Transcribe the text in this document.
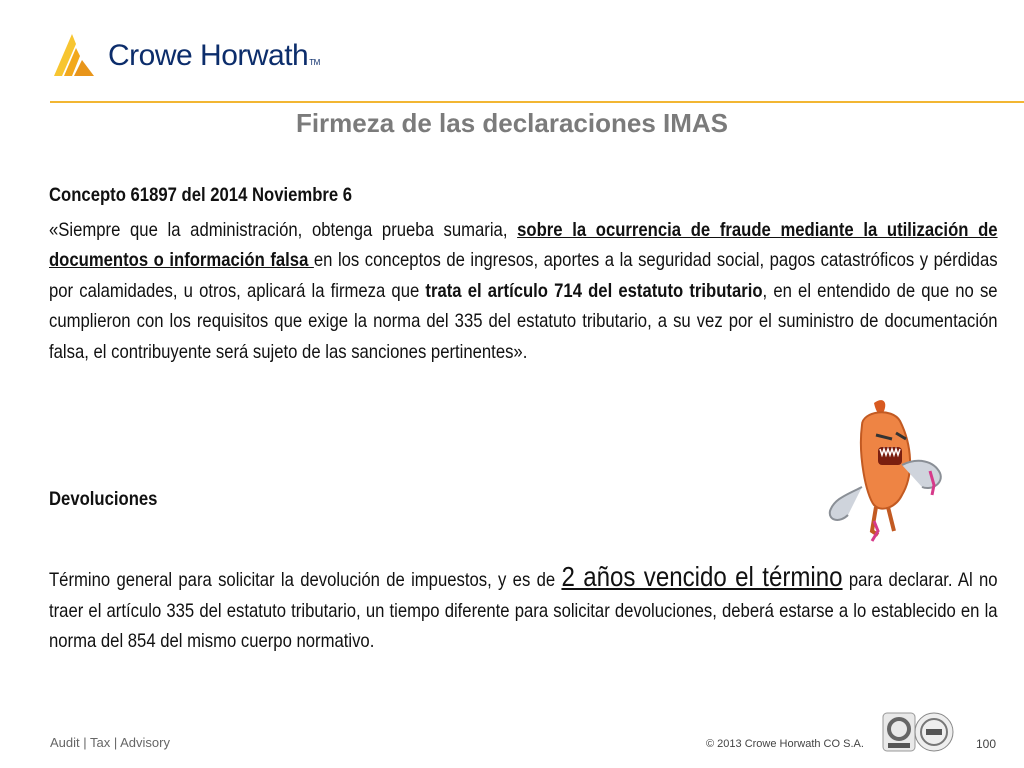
Crowe HorwathTM
Firmeza de las declaraciones IMAS

Concepto 61897 del 2014 Noviembre 6

«Siempre que la administración, obtenga prueba sumaria, sobre la ocurrencia de fraude mediante la utilización de documentos o información falsa en los conceptos de ingresos, aportes a la seguridad social, pagos catastróficos y pérdidas por calamidades, u otros, aplicará la firmeza que trata el artículo 714 del estatuto tributario, en el entendido de que no se cumplieron con los requisitos que exige la norma del 335 del estatuto tributario, a su vez por el suministro de documentación falsa, el contribuyente será sujeto de las sanciones pertinentes».

Devoluciones

Término general para solicitar la devolución de impuestos, y es de 2 años vencido el término para declarar. Al no traer el artículo 335 del estatuto tributario, un tiempo diferente para solicitar devoluciones, deberá estarse a lo establecido en la norma del 854 del mismo cuerpo normativo.

Audit | Tax | Advisory	© 2013 Crowe Horwath CO S.A.	100
